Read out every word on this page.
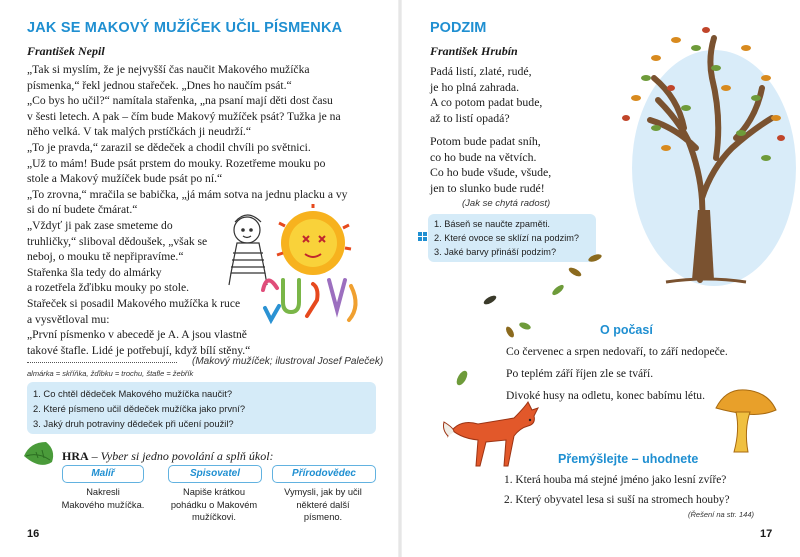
JAK SE MAKOVÝ MUŽÍČEK UČIL PÍSMENKA
František Nepil
„Tak si myslím, že je nejvyšší čas naučit Makového mužíčka
písmenka,“ řekl jednou stařeček. „Dnes ho naučím psát.“
„Co bys ho učil?“ namítala stařenka, „na psaní mají děti dost času
v šesti letech. A pak – čím bude Makový mužíček psát? Tužka je na
něho velká. V tak malých prstíčkách ji neudrží.“
„To je pravda,“ zarazil se dědeček a chodil chvíli po světnici.
„Už to mám! Bude psát prstem do mouky. Rozetřeme mouku po
stole a Makový mužíček bude psát po ní.“
„To zrovna,“ mračila se babička, „já mám sotva na jednu placku a vy
si do ní budete čmárat.“
„Vždyť ji pak zase smeteme do
truhličky,“ sliboval dědoušek, „však se
neboj, o mouku tě nepřipravíme.“
Stařenka šla tedy do almárky
a rozetřela žďibku mouky po stole.
Stařeček si posadil Makového mužíčka k ruce
a vysvětloval mu:
„První písmenko v abecedě je A. A jsou vlastně
takové štafle. Lidé je potřebují, když bílí stěny.“
(Makový mužíček; ilustroval Josef Paleček)
almárka = skříňka, žďibku = trochu, štafle = žebřík
1. Co chtěl dědeček Makového mužíčka naučit?
2. Které písmeno učil dědeček mužíčka jako první?
3. Jaký druh potraviny dědeček při učení použil?
HRA – Vyber si jedno povolání a splň úkol:
Malíř	Spisovatel	Přírodovědec
Nakresli
Makového mužíčka.
Napiše krátkou
pohádku o Makovém
mužíčkovi.
Vymysli, jak by učil
některé další
písmeno.
16
PODZIM
František Hrubín
Padá listí, zlaté, rudé,
je ho plná zahrada.
A co potom padat bude,
až to listí opadá?
Potom bude padat sníh,
co ho bude na větvích.
Co ho bude všude, všude,
jen to slunko bude rudé!
(Jak se chytá radost)
1. Báseň se naučte zpaměti.
2. Které ovoce se sklízí na podzim?
3. Jaké barvy přináší podzim?
O počasí
Co červenec a srpen nedovaří, to září nedopeče.
Po teplém září říjen zle se tváří.
Divoké husy na odletu, konec babímu létu.
Přemýšlejte – uhodnete
1. Která houba má stejné jméno jako lesní zvíře?
2. Který obyvatel lesa si suší na stromech houby?
(Řešení na str. 144)
17
